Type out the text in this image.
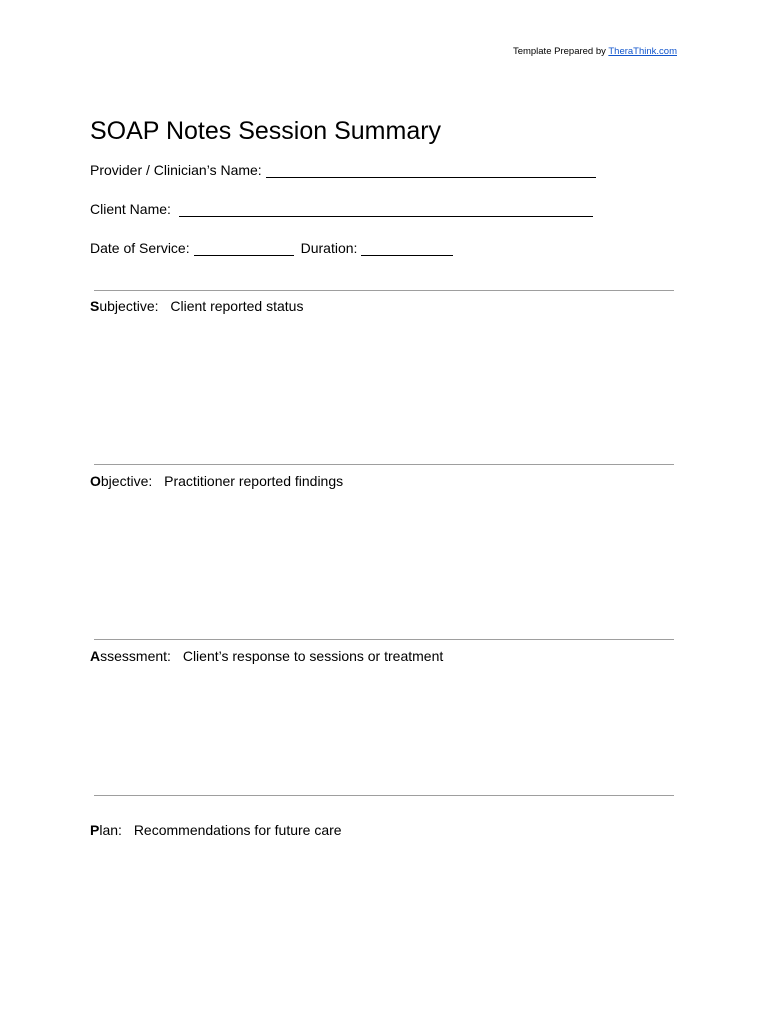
Template Prepared by TheraThink.com
SOAP Notes Session Summary
Provider / Clinician’s Name:
Client Name:
Date of Service:	Duration:
Subjective: Client reported status
Objective: Practitioner reported findings
Assessment: Client’s response to sessions or treatment
Plan: Recommendations for future care
